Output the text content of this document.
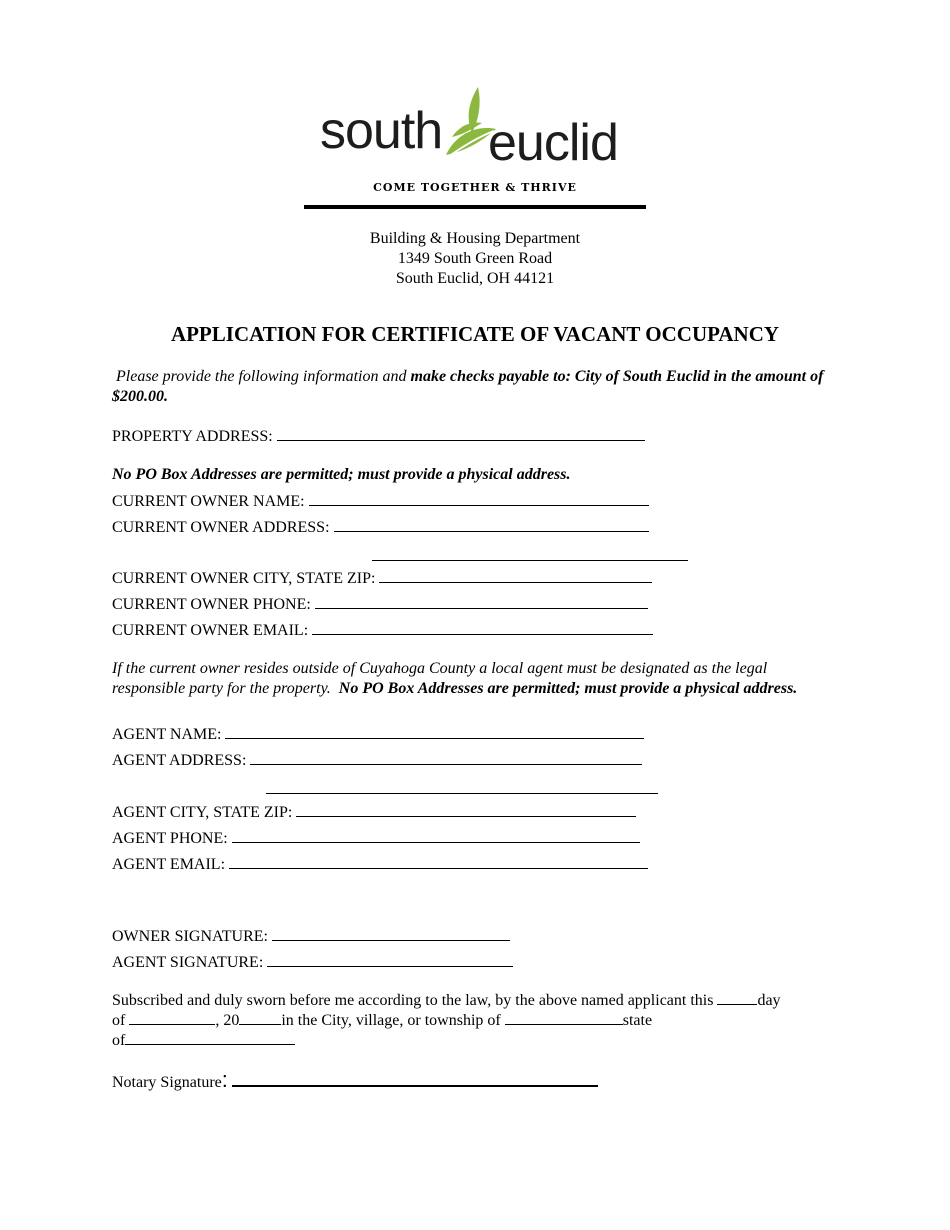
south euclid
COME TOGETHER & THRIVE
Building & Housing Department
1349 South Green Road
South Euclid, OH 44121
APPLICATION FOR CERTIFICATE OF VACANT OCCUPANCY
Please provide the following information and make checks payable to: City of South Euclid in the amount of $200.00.
PROPERTY ADDRESS:
No PO Box Addresses are permitted; must provide a physical address.
CURRENT OWNER NAME:
CURRENT OWNER ADDRESS:
CURRENT OWNER CITY, STATE ZIP:
CURRENT OWNER PHONE:
CURRENT OWNER EMAIL:
If the current owner resides outside of Cuyahoga County a local agent must be designated as the legal responsible party for the property. No PO Box Addresses are permitted; must provide a physical address.
AGENT NAME:
AGENT ADDRESS:
AGENT CITY, STATE ZIP:
AGENT PHONE:
AGENT EMAIL:
OWNER SIGNATURE:
AGENT SIGNATURE:
Subscribed and duly sworn before me according to the law, by the above named applicant this	day
of	, 20	in the City, village, or township of	state
of
Notary Signature:
